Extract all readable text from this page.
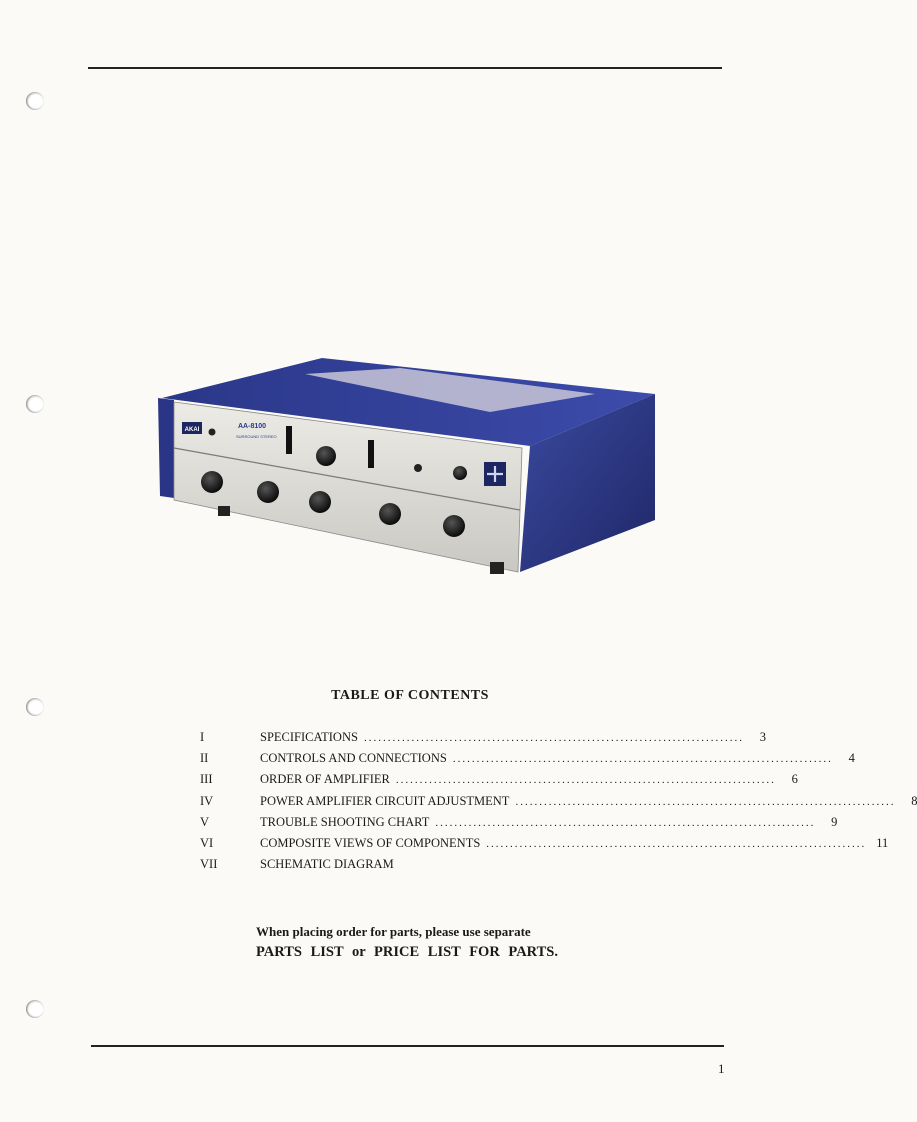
AKAI	AA-8100
SURROUND STEREO
TABLE OF CONTENTS
I	SPECIFICATIONS ................................................................................	3
II	CONTROLS AND CONNECTIONS ................................................................................	4
III	ORDER OF AMPLIFIER ................................................................................	6
IV	POWER AMPLIFIER CIRCUIT ADJUSTMENT ................................................................................	8
V	TROUBLE SHOOTING CHART ................................................................................	9
VI	COMPOSITE VIEWS OF COMPONENTS ................................................................................ 11
VII	SCHEMATIC DIAGRAM
When placing order for parts, please use separate
PARTS LIST or PRICE LIST FOR PARTS.
1
